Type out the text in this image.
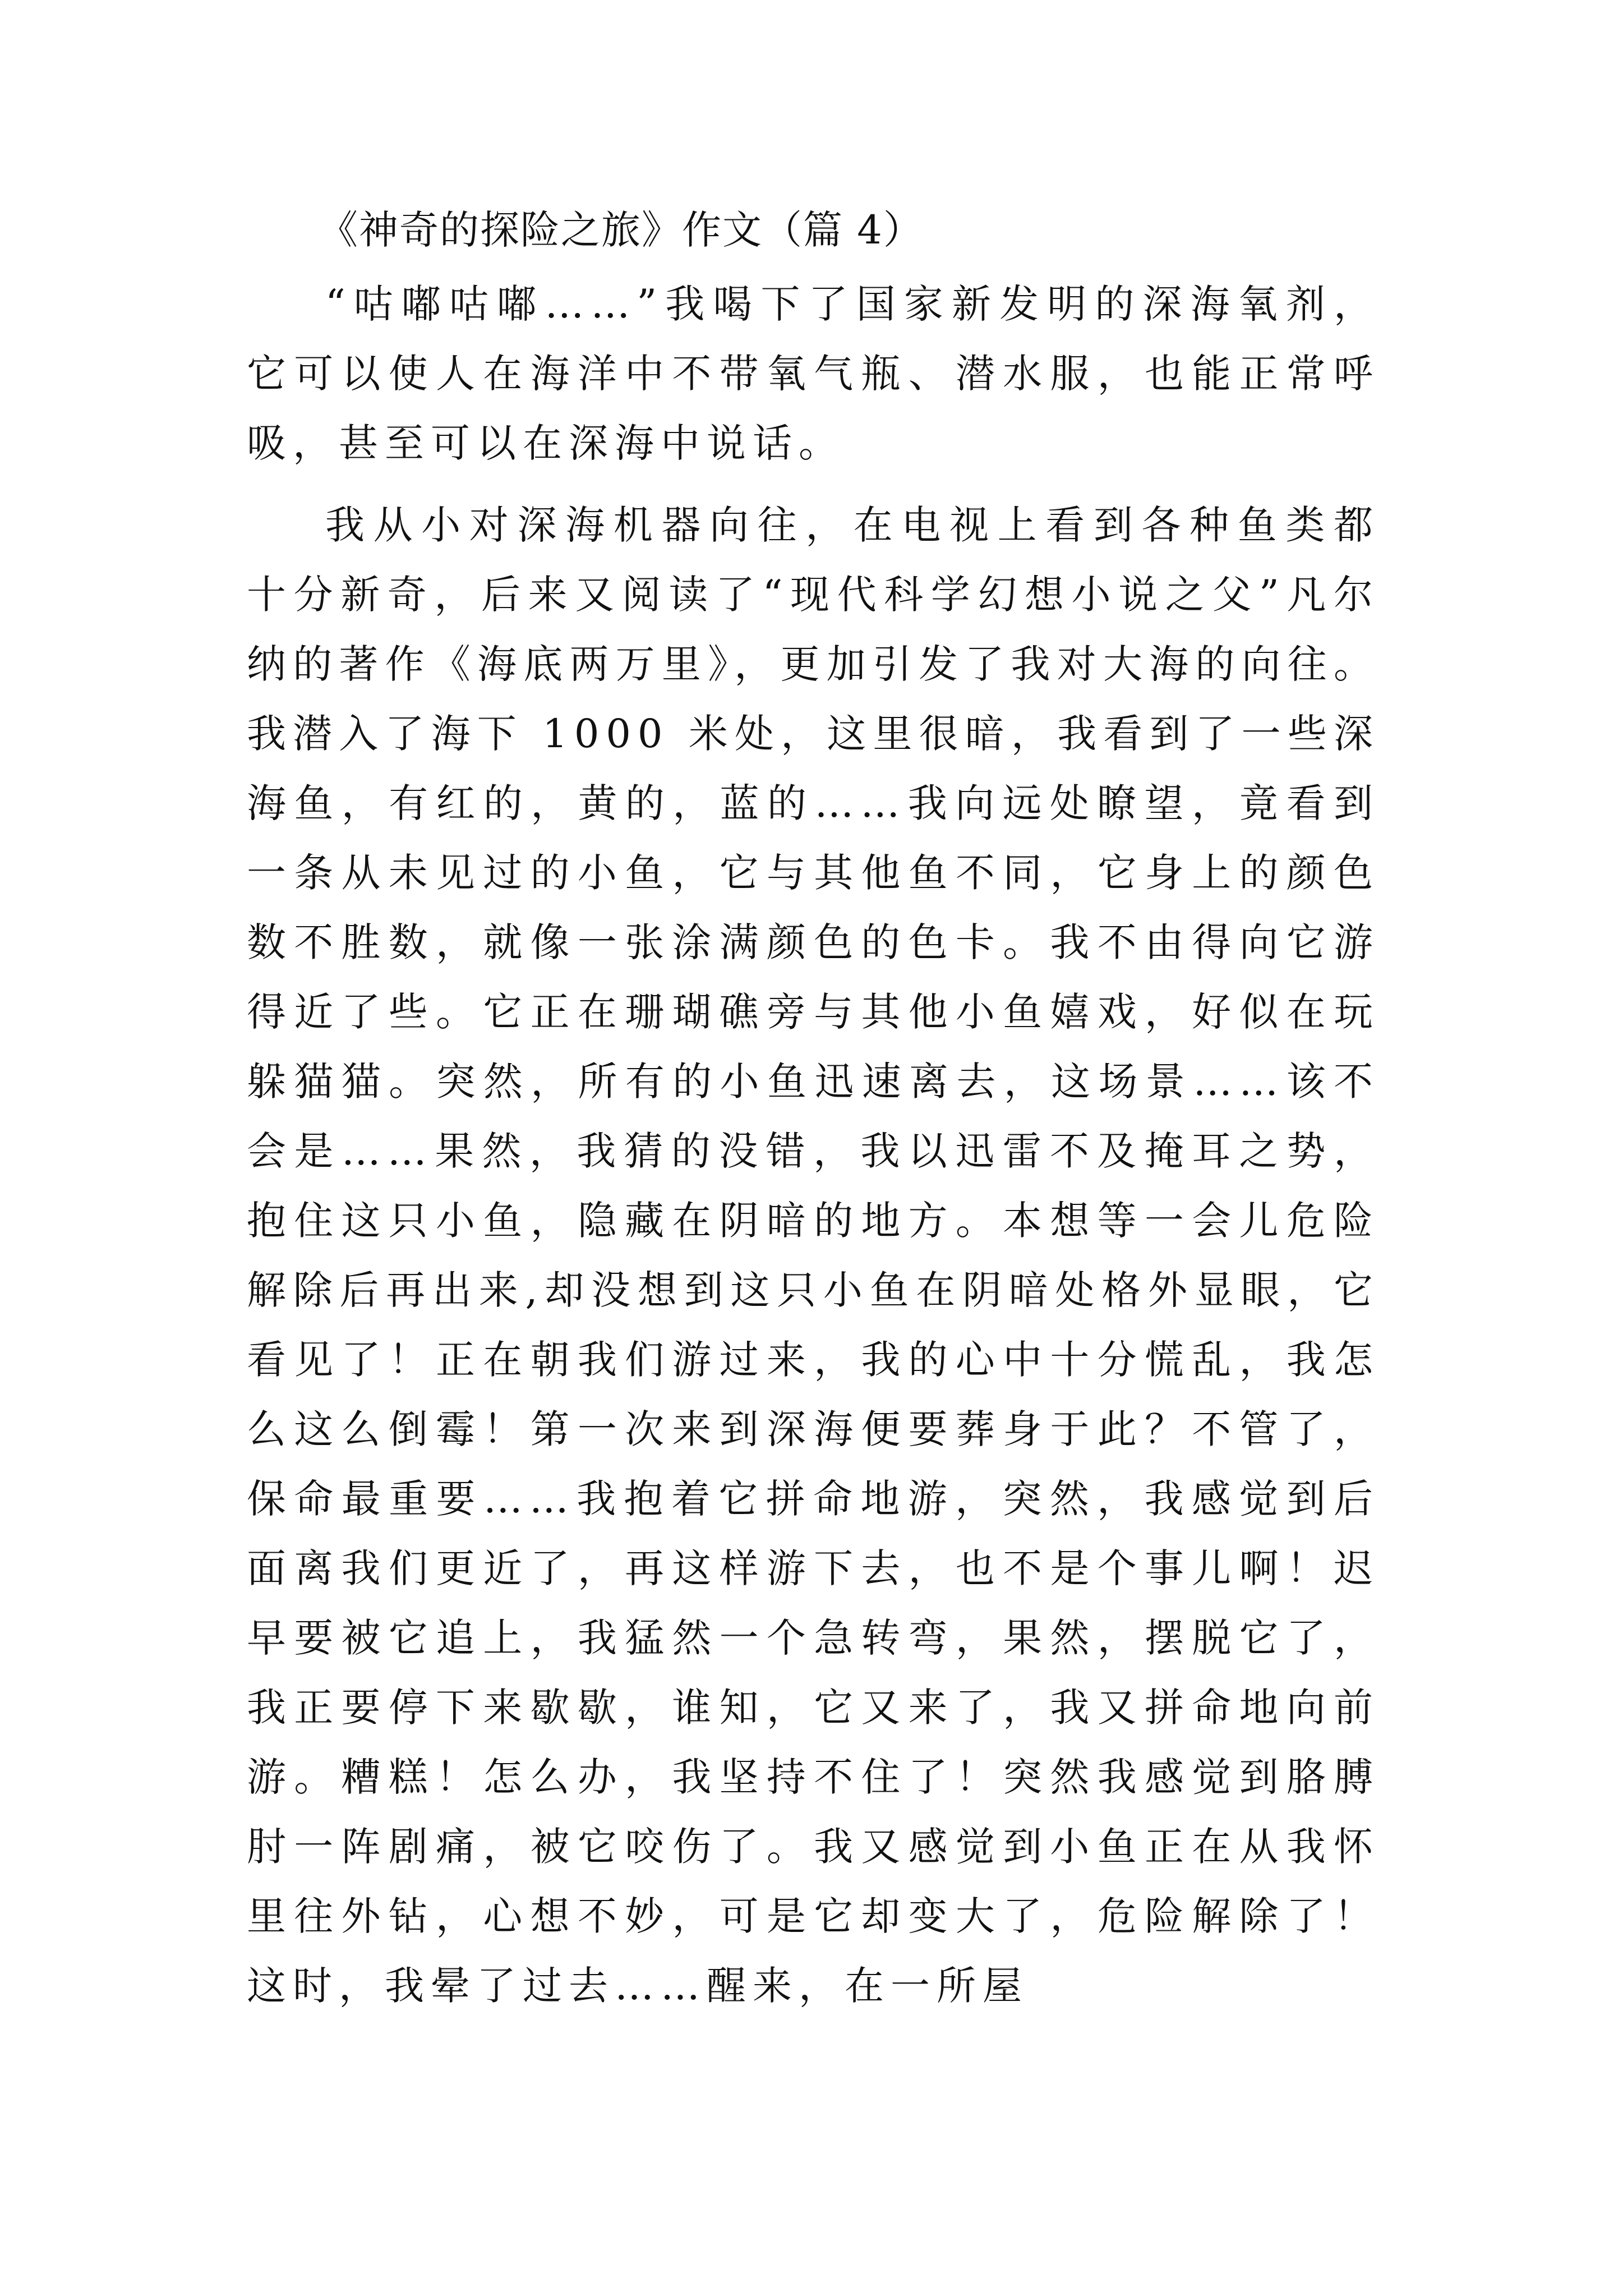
《神奇的探险之旅》作文（篇 4）

“咕嘟咕嘟……”我喝下了国家新发明的深海氧剂，它可以使人在海洋中不带氧气瓶、潜水服，也能正常呼吸，甚至可以在深海中说话。

我从小对深海机器向往，在电视上看到各种鱼类都十分新奇，后来又阅读了“现代科学幻想小说之父”凡尔纳的著作《海底两万里》，更加引发了我对大海的向往。我潜入了海下 1000 米处，这里很暗，我看到了一些深海鱼，有红的，黄的，蓝的……我向远处瞭望，竟看到一条从未见过的小鱼，它与其他鱼不同，它身上的颜色数不胜数，就像一张涂满颜色的色卡。我不由得向它游得近了些。它正在珊瑚礁旁与其他小鱼嬉戏，好似在玩躲猫猫。突然，所有的小鱼迅速离去，这场景……该不会是……果然，我猜的没错，我以迅雷不及掩耳之势，抱住这只小鱼，隐藏在阴暗的地方。本想等一会儿危险解除后再出来,却没想到这只小鱼在阴暗处格外显眼，它看见了！正在朝我们游过来，我的心中十分慌乱，我怎么这么倒霉！第一次来到深海便要葬身于此？不管了，保命最重要……我抱着它拼命地游，突然，我感觉到后面离我们更近了，再这样游下去，也不是个事儿啊！迟早要被它追上，我猛然一个急转弯，果然，摆脱它了，我正要停下来歇歇，谁知，它又来了，我又拼命地向前游。糟糕！怎么办，我坚持不住了！突然我感觉到胳膊肘一阵剧痛，被它咬伤了。我又感觉到小鱼正在从我怀里往外钻，心想不妙，可是它却变大了，危险解除了！这时，我晕了过去……醒来，在一所屋
